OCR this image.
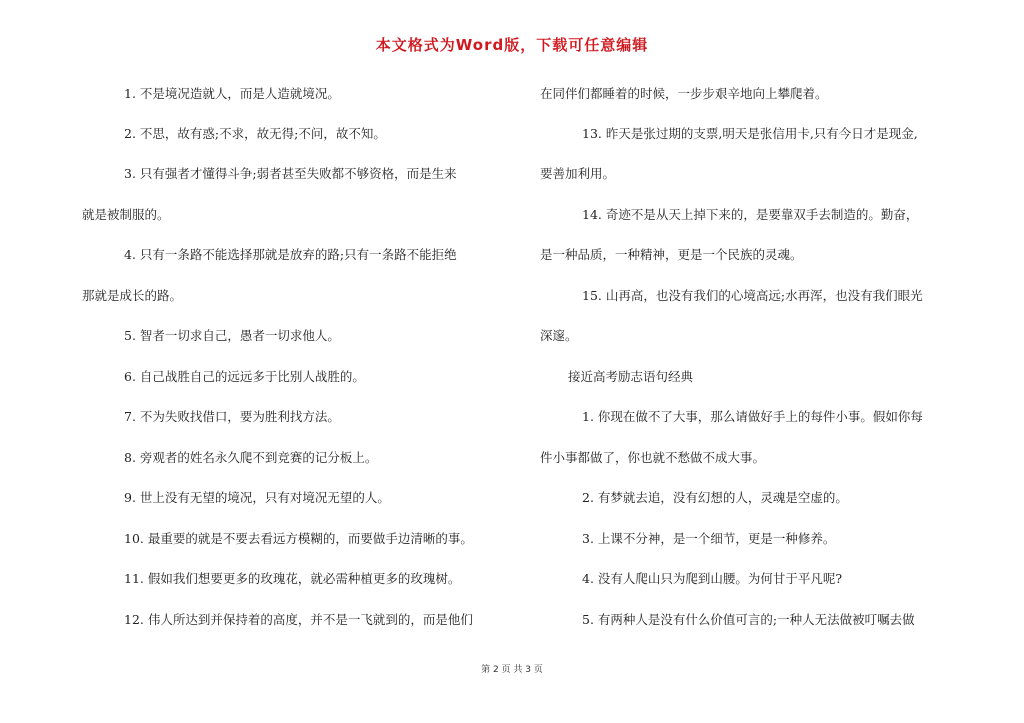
本文格式为Word版，下载可任意编辑
1. 不是境况造就人，而是人造就境况。
2. 不思，故有惑;不求，故无得;不问，故不知。
3. 只有强者才懂得斗争;弱者甚至失败都不够资格，而是生来
就是被制服的。
4. 只有一条路不能选择那就是放弃的路;只有一条路不能拒绝
那就是成长的路。
5. 智者一切求自己，愚者一切求他人。
6. 自己战胜自己的远远多于比别人战胜的。
7. 不为失败找借口，要为胜利找方法。
8. 旁观者的姓名永久爬不到竞赛的记分板上。
9. 世上没有无望的境况，只有对境况无望的人。
10. 最重要的就是不要去看远方模糊的，而要做手边清晰的事。
11. 假如我们想要更多的玫瑰花，就必需种植更多的玫瑰树。
12. 伟人所达到并保持着的高度，并不是一飞就到的，而是他们
在同伴们都睡着的时候，一步步艰辛地向上攀爬着。
13. 昨天是张过期的支票,明天是张信用卡,只有今日才是现金,
要善加利用。
14. 奇迹不是从天上掉下来的，是要靠双手去制造的。勤奋，
是一种品质，一种精神，更是一个民族的灵魂。
15. 山再高，也没有我们的心境高远;水再浑，也没有我们眼光
深邃。
接近高考励志语句经典
1. 你现在做不了大事，那么请做好手上的每件小事。假如你每
件小事都做了，你也就不愁做不成大事。
2. 有梦就去追，没有幻想的人，灵魂是空虚的。
3. 上课不分神，是一个细节，更是一种修养。
4. 没有人爬山只为爬到山腰。为何甘于平凡呢?
5. 有两种人是没有什么价值可言的;一种人无法做被叮嘱去做
第 2 页 共 3 页
